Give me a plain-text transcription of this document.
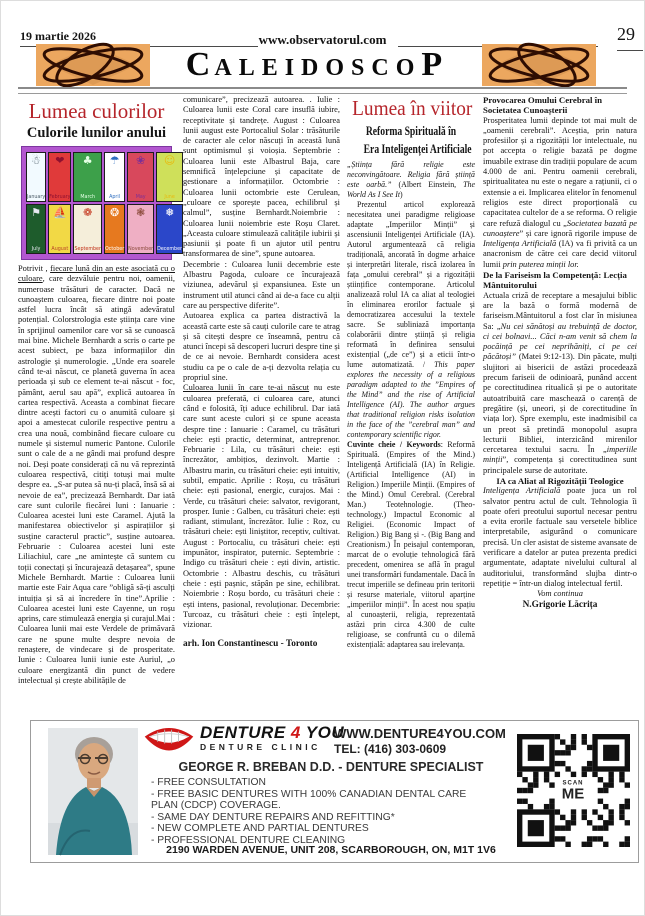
19 martie 2026	www.observatorul.com	29
CALEIDOSCOP
Lumea culorilor
Culorile lunilor anului
☃
January
❤
February
♣
March
☂
April
❀
May
☺
June
⚑
July
⛵
August
❁
September
❂
October
❃
November
❅
December
Potrivit , fiecare lună din an este asociată cu o culoare, care dezvăluie pentru noi, oamenii, numeroase trăsături de caracter. Dacă ne cunoaștem culoarea, fiecare dintre noi poate astfel lucra încât să atingă adevăratul potențial. Colorstrologia este știința care vine în sprijinul oamenilor care vor să se cunoască mai bine. Michele Bernhardt a scris o carte pe acest subiect, pe baza informațiilor din astrologie și numerologie. „Unde era soarele când te-ai născut, ce planetă guverna în acea perioada și sub ce element te-ai născut - foc, pământ, aerul sau apă”, explică autoarea în cartea respectivă. Aceasta a combinat fiecare dintre acești factori cu o anumită culoare și apoi a amestecat culorile respective pentru a crea una nouă, combinând fiecare culoare cu numele și sistemul numeric Pantone. Culorile sunt o cale de a ne gândi mai profund despre noi. Deși poate considerați că nu vă reprezintă culoarea respectivă, citiți totuși mai multe despre ea. „S-ar putea să nu-ți placă, însă să ai nevoie de ea”, precizează Bernhardt. Dar iată care sunt culorile fiecărei luni : Ianuarie : Culoarea acestei luni este Caramel. Ajută la manifestarea obiectivelor și aspirațiilor și susține caracterul practic”, susține autoarea. Februarie : Culoarea acestei luni este Liliachiul, care „ne amintește că suntem cu toții conectați și încurajează detașarea”, spune Michele Bernhardt. Martie : Culoarea lunii martie este Fair Aqua care ”obligă să-ți asculți intuiția și să ai încredere în tine”.Aprilie : Culoarea acestei luni este Cayenne, un roșu aprins, care stimulează energia și curajul.Mai : Culoarea lunii mai este Verdele de primăvară care ne spune multe despre nevoia de renaștere, de vindecare și de prosperitate. Iunie : Culoarea lunii iunie este Auriul, „o culoare energizantă din punct de vedere intelectual și crește abilitățile de
comunicare”, precizează autoarea. . Iulie : Culoarea lunii este Coral care insuflă iubire, receptivitate și tandrețe. August : Culoarea lunii august este Portocaliul Solar : trăsăturile de caracter ale celor născuți în această lună sunt optimismul și voioșia. Septembrie : Culoarea lunii este Albastrul Baja, care semnifică înțelepciune și capacitate de gestionare a informațiilor. Octombrie : Culoarea lunii octombrie este Cerulean, „culoare ce sporește pacea, echilibrul și calmul”, susține Bernhardt.Noiembrie : Culoarea lunii noiembrie este Roșu Claret. „Aceasta culoare stimulează calitățile iubirii și pasiunii și poate fi un ajutor util pentru transformarea de sine”, spune autoarea.
Decembrie : Culoarea lunii decembrie este Albastru Pagoda, culoare ce încurajează viziunea, adevărul și expansiunea. Este un instrument util atunci când ai de-a face cu alții care au perspective diferite”.
Autoarea explica ca partea distractivă la această carte este să cauți culorile care te atrag și să citești despre ce înseamnă, pentru că atunci începi să descoperi lucruri despre tine și de ce ai nevoie. Bernhardt considera acest studiu ca pe o cale de a-ți dezvolta relația cu propriul sine.
Culoarea lunii în care te-ai născut nu este culoarea preferată, ci culoarea care, atunci când e folosită, îți aduce echilibrul. Dar iată care sunt aceste culori și ce spune aceasta despre tine : Ianuarie : Caramel, cu trăsături cheie: ești practic, determinat, antreprenor. Februarie : Lila, cu trăsături cheie: ești încrezător, ambițios, dezinvolt. Martie : Albastru marin, cu trăsături cheie: ești intuitiv, subtil, empatic. Aprilie : Roșu, cu trăsături cheie: ești pasional, energic, curajos. Mai : Verde, cu trăsături cheie: salvator, revigorant, prosper. Iunie : Galben, cu trăsături cheie: ești radiant, stimulant, încrezător. Iulie : Roz, cu trăsături cheie: ești liniștitor, receptiv, cultivat. August : Portocaliu, cu trăsături cheie: ești impunător, inspirator, puternic. Septembrie : Indigo cu trăsături cheie : ești divin, artistic. Octombrie : Albastru deschis, cu trăsături cheie : ești pașnic, stăpân pe sine, echilibrat. Noiembrie : Roșu bordo, cu trăsături cheie : ești intens, pasional, revoluționar. Decembrie: Turcoaz, cu trăsături cheie : ești înțelept, vizionar.
arh. Ion Constantinescu - Toronto
Lumea în viitor
Reforma Spirituală în
Era Inteligenței Artificiale
„Știința fără religie este neconvingătoare. Religia fără știință este oarbă.” (Albert Einstein, The World As I See It)
Prezentul articol explorează necesitatea unei paradigme religioase adaptate „Imperiilor Minții” și ascensiunii Inteligenței Artificiale (IA). Autorul argumentează că religia tradițională, ancorată în dogme arhaice și interpretări literale, riscă izolarea în fața „omului cerebral” și a rigozității științifice contemporane. Articolul analizează rolul IA ca aliat al teologiei în eliminarea erorilor factuale și democratizarea accesului la textele sacre. Se subliniază importanța colaborării dintre știință și religia reformată în definirea sensului existențial („de ce”) și a eticii într-o lume automatizată. / This paper explores the necessity of a religious paradigm adapted to the ”Empires of the Mind” and the rise of Artificial Intelligence (AI). The author argues that traditional religion risks isolation in the face of the ”cerebral man” and contemporary scientific rigor.
Cuvinte cheie / Keywords: Reformă Spirituală. (Empires of the Mind.) Inteligență Artificială (IA) în Religie. (Artificial Intelligence (AI) in Religion.) Imperiile Minții. (Empires of the Mind.) Omul Cerebral. (Cerebral Man.) Teotehnologie. (Theo-technology.) Impactul Economic al Religiei. (Economic Impact of Religion.) Big Bang și -. (Big Bang and Creationism.) În peisajul contemporan, marcat de o evoluție tehnologică fără precedent, omenirea se află în pragul unei transformări fundamentale. Dacă în trecut imperiile se defineau prin teritorii și resurse materiale, viitorul aparține „imperiilor minții”. În acest nou spațiu al cunoașterii, religia, reprezentată astăzi prin circa 4.300 de culte religioase, se confruntă cu o dilemă existențială: adaptarea sau irelevanța.
Provocarea Omului Cerebral în Societatea Cunoașterii
Prosperitatea lumii depinde tot mai mult de „oamenii cerebrali”. Aceștia, prin natura profesiilor și a rigozității lor intelectuale, nu pot accepta o religie bazată pe dogme imuabile extrase din tradiții populare de acum 4.000 de ani. Pentru oamenii cerebrali, spiritualitatea nu este o negare a rațiunii, ci o extensie a ei. Implicarea elitelor în fenomenul religios este direct proporțională cu capacitatea cultelor de a se reforma. O religie care refuză dialogul cu „Societatea bazată pe cunoaștere” și care ignoră rigorile impuse de Inteligența Artificială (IA) va fi privită ca un anacronism de către cei care decid viitorul lumii prin puterea minții lor.
De la Fariseism la Competență: Lecția Mântuitorului
Actuala criză de receptare a mesajului biblic are la bază o formă modernă de fariseism.Mântuitorul a fost clar în misiunea Sa: „Nu cei sănătoși au trebuință de doctor, ci cei bolnavi... Căci n-am venit să chem la pocăință pe cei neprihăniți, ci pe cei păcătoși” (Matei 9:12-13). Din păcate, mulți slujitori ai bisericii de astăzi procedează precum fariseii de odinioară, punând accent pe corectitudinea ritualică și pe o autoritate autoatribuită care maschează o carență de pregătire (și, uneori, și de corectitudine în viața lor). Spre exemplu, este inadmisibil ca un preot să pretindă monopolul asupra lecturii Bibliei, interzicând mirenilor cercetarea textului sacru. În „imperiile minții”, competența și corectitudinea sunt principalele surse de autoritate.
IA ca Aliat al Rigozității Teologice
Inteligența Artificială poate juca un rol salvator pentru actul de cult. Tehnologia îi poate oferi preotului suportul necesar pentru a evita erorile factuale sau versetele biblice interpretabile, asigurând o comunicare precisă. Un cler asistat de sisteme avansate de verificare a datelor ar putea prezenta predici argumentate, adaptate nivelului cultural al auditoriului, transformând slujba dintr-o repetiție = într-un dialog intelectual fertil.
Vom continua
N.Grigorie Lăcrița
DENTURE 4 YOU
DENTURE CLINIC
WWW.DENTURE4YOU.COM
TEL: (416) 303-0609
GEORGE R. BREBAN D.D. - DENTURE SPECIALIST
- FREE CONSULTATION
- FREE BASIC DENTURES WITH 100% CANADIAN DENTAL CARE PLAN (CDCP) COVERAGE.
- SAME DAY DENTURE REPAIRS AND REFITTING*
- NEW COMPLETE AND PARTIAL DENTURES
- PROFESSIONAL DENTURE CLEANING
2190 WARDEN AVENUE, UNIT 208, SCARBOROUGH, ON, M1T 1V6
SCAN
ME
